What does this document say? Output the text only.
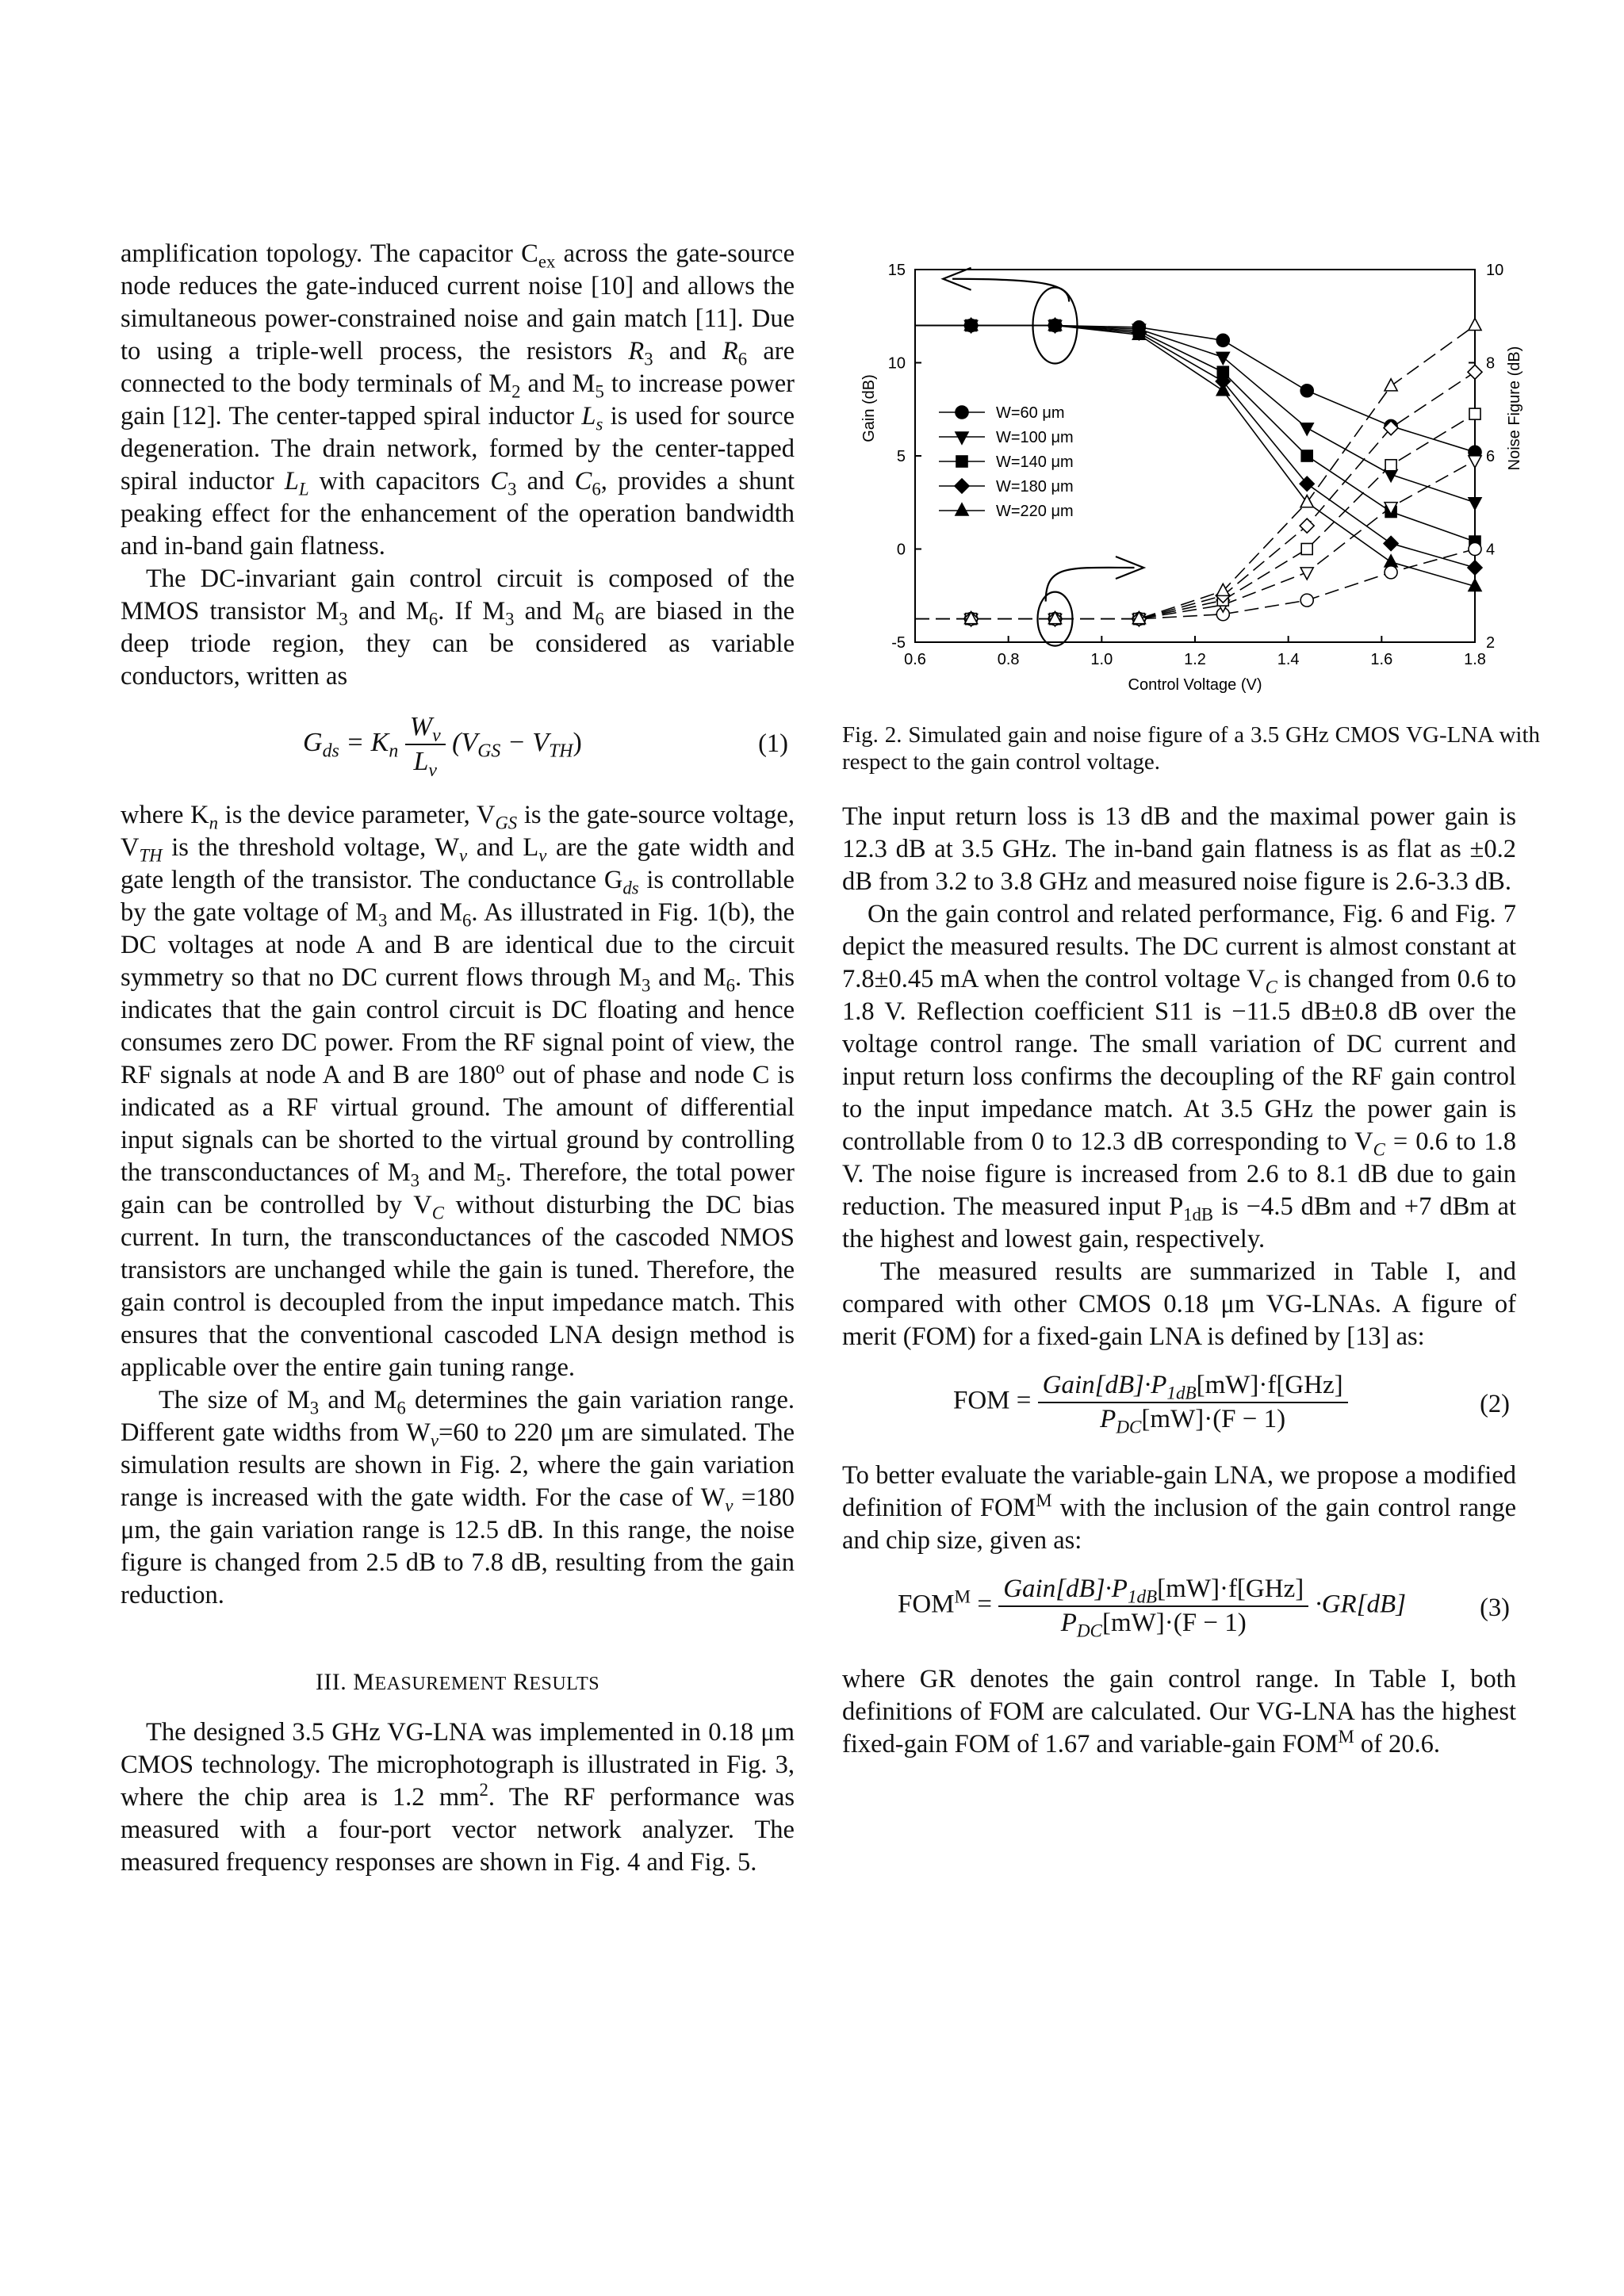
amplification topology. The capacitor $C_{ex}$ across the gate-source node reduces the gate-induced current noise [10] and allows the simultaneous power-constrained noise and gain match [11]. Due to using a triple-well process, the resistors $R_3$ and $R_6$ are connected to the body terminals of $M_2$ and $M_5$ to increase power gain [12]. The center-tapped spiral inductor $L_s$ is used for source degeneration. The drain network, formed by the center-tapped spiral inductor $L_L$ with capacitors $C_3$ and $C_6$, provides a shunt peaking effect for the enhancement of the operation bandwidth and in-band gain flatness.

The DC-invariant gain control circuit is composed of the MMOS transistor $M_3$ and $M_6$. If $M_3$ and $M_6$ are biased in the deep triode region, they can be considered as variable conductors, written as

$G_{ds} = K_n \frac{W_v}{L_v} (V_{GS} - V_{TH})$	(1)

where $K_n$ is the device parameter, $V_{GS}$ is the gate-source voltage, $V_{TH}$ is the threshold voltage, $W_v$ and $L_v$ are the gate width and gate length of the transistor. The conductance $G_{ds}$ is controllable by the gate voltage of $M_3$ and $M_6$. As illustrated in Fig. 1(b), the DC voltages at node A and B are identical due to the circuit symmetry so that no DC current flows through $M_3$ and $M_6$. This indicates that the gain control circuit is DC floating and hence consumes zero DC power. From the RF signal point of view, the RF signals at node A and B are 180$^o$ out of phase and node C is indicated as a RF virtual ground. The amount of differential input signals can be shorted to the virtual ground by controlling the transconductances of $M_3$ and $M_5$. Therefore, the total power gain can be controlled by $V_C$ without disturbing the DC bias current. In turn, the transconductances of the cascoded NMOS transistors are unchanged while the gain is tuned. Therefore, the gain control is decoupled from the input impedance match. This ensures that the conventional cascoded LNA design method is applicable over the entire gain tuning range.

The size of $M_3$ and $M_6$ determines the gain variation range. Different gate widths from $W_v=60$ to 220 μm are simulated. The simulation results are shown in Fig. 2, where the gain variation range is increased with the gate width. For the case of $W_v =180$ μm, the gain variation range is 12.5 dB. In this range, the noise figure is changed from 2.5 dB to 7.8 dB, resulting from the gain reduction.

III. MEASUREMENT RESULTS

The designed 3.5 GHz VG-LNA was implemented in 0.18 μm CMOS technology. The microphotograph is illustrated in Fig. 3, where the chip area is 1.2 $mm^2$. The RF performance was measured with a four-port vector network analyzer. The measured frequency responses are shown in Fig. 4 and Fig. 5.

0.6	0.8	1.0	1.2	1.4	1.6	1.8
-5
0
5
10
15
2
4
6
8
10
Control Voltage (V)
Gain (dB)	Noise Figure (dB)
W=60 μm
W=100 μm
W=140 μm
W=180 μm
W=220 μm
Fig. 2. Simulated gain and noise figure of a 3.5 GHz CMOS VG-LNA with respect to the gain control voltage.

The input return loss is 13 dB and the maximal power gain is 12.3 dB at 3.5 GHz. The in-band gain flatness is as flat as ±0.2 dB from 3.2 to 3.8 GHz and measured noise figure is 2.6-3.3 dB.

On the gain control and related performance, Fig. 6 and Fig. 7 depict the measured results. The DC current is almost constant at 7.8±0.45 mA when the control voltage $V_C$ is changed from 0.6 to 1.8 V. Reflection coefficient S11 is −11.5 dB±0.8 dB over the voltage control range. The small variation of DC current and input return loss confirms the decoupling of the RF gain control to the input impedance match. At 3.5 GHz the power gain is controllable from 0 to 12.3 dB corresponding to $V_C = 0.6$ to 1.8 V. The noise figure is increased from 2.6 to 8.1 dB due to gain reduction. The measured input $P_{1dB}$ is −4.5 dBm and +7 dBm at the highest and lowest gain, respectively.

The measured results are summarized in Table I, and compared with other CMOS 0.18 μm VG-LNAs. A figure of merit (FOM) for a fixed-gain LNA is defined by [13] as:

FOM = $\frac{Gain[dB]\cdot P_{1dB}[mW]\cdot f[GHz]}{P_{DC}[mW]\cdot(F - 1)}$	(2)

To better evaluate the variable-gain LNA, we propose a modified definition of $FOM^M$ with the inclusion of the gain control range and chip size, given as:

$FOM^M = \frac{Gain[dB]\cdot P_{1dB}[mW]\cdot f[GHz]}{P_{DC}[mW]\cdot(F - 1)} \cdot GR[dB]$	(3)

where GR denotes the gain control range. In Table I, both definitions of FOM are calculated. Our VG-LNA has the highest fixed-gain FOM of 1.67 and variable-gain $FOM^M$ of 20.6.
